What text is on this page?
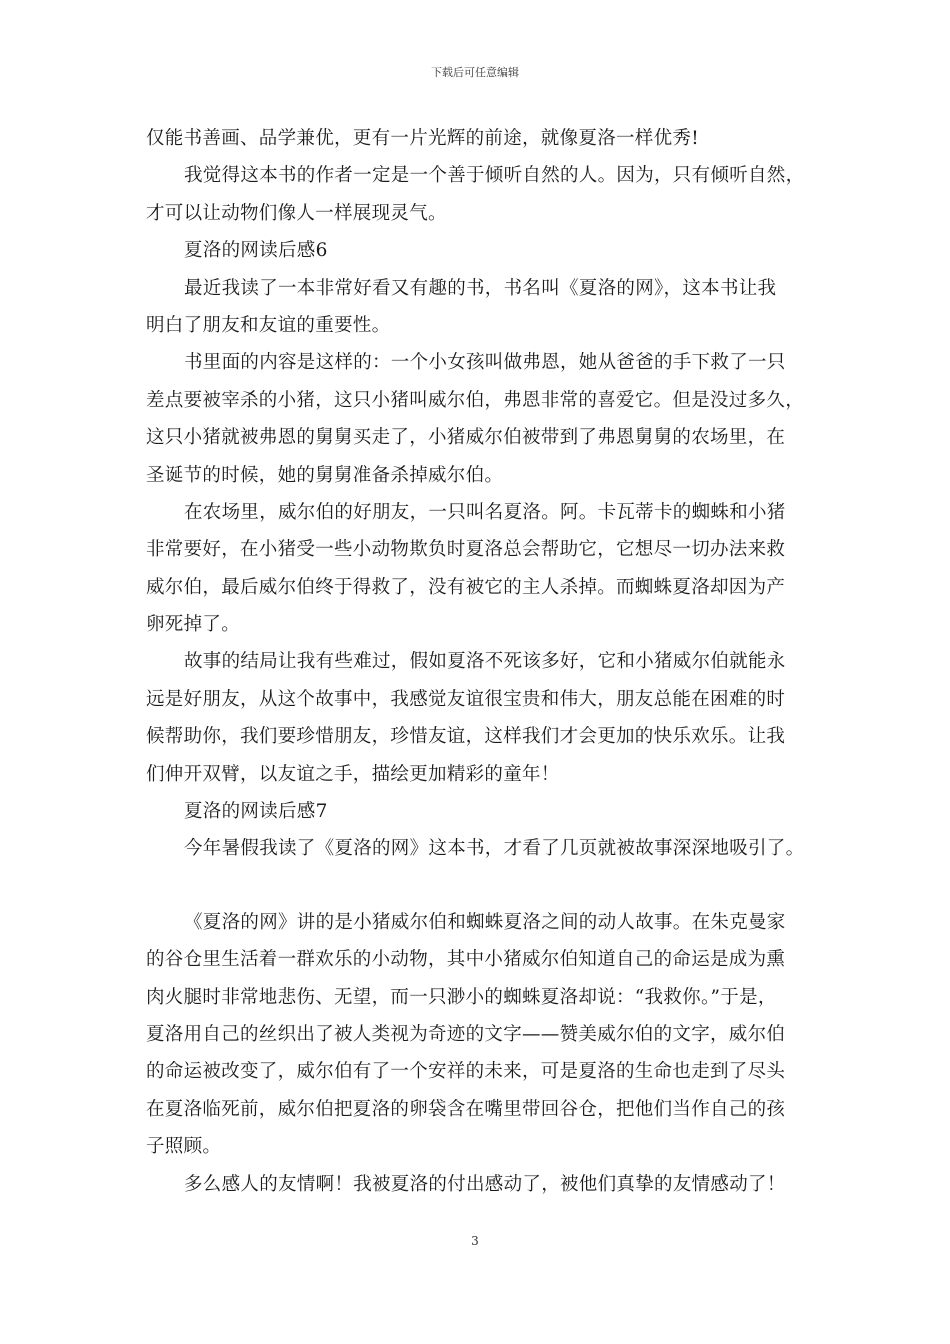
下载后可任意编辑
仅能书善画、品学兼优，更有一片光辉的前途，就像夏洛一样优秀!
我觉得这本书的作者一定是一个善于倾听自然的人。因为，只有倾听自然，
才可以让动物们像人一样展现灵气。
夏洛的网读后感6
最近我读了一本非常好看又有趣的书，书名叫《夏洛的网》，这本书让我
明白了朋友和友谊的重要性。
书里面的内容是这样的：一个小女孩叫做弗恩，她从爸爸的手下救了一只
差点要被宰杀的小猪，这只小猪叫威尔伯，弗恩非常的喜爱它。但是没过多久，
这只小猪就被弗恩的舅舅买走了，小猪威尔伯被带到了弗恩舅舅的农场里，在
圣诞节的时候，她的舅舅准备杀掉威尔伯。
在农场里，威尔伯的好朋友，一只叫名夏洛。阿。卡瓦蒂卡的蜘蛛和小猪
非常要好，在小猪受一些小动物欺负时夏洛总会帮助它，它想尽一切办法来救
威尔伯，最后威尔伯终于得救了，没有被它的主人杀掉。而蜘蛛夏洛却因为产
卵死掉了。
故事的结局让我有些难过，假如夏洛不死该多好，它和小猪威尔伯就能永
远是好朋友，从这个故事中，我感觉友谊很宝贵和伟大，朋友总能在困难的时
候帮助你，我们要珍惜朋友，珍惜友谊，这样我们才会更加的快乐欢乐。让我
们伸开双臂，以友谊之手，描绘更加精彩的童年！
夏洛的网读后感7
今年暑假我读了《夏洛的网》这本书，才看了几页就被故事深深地吸引了。
《夏洛的网》讲的是小猪威尔伯和蜘蛛夏洛之间的动人故事。在朱克曼家
的谷仓里生活着一群欢乐的小动物，其中小猪威尔伯知道自己的命运是成为熏
肉火腿时非常地悲伤、无望，而一只渺小的蜘蛛夏洛却说：“我救你。”于是，
夏洛用自己的丝织出了被人类视为奇迹的文字——赞美威尔伯的文字，威尔伯
的命运被改变了，威尔伯有了一个安祥的未来，可是夏洛的生命也走到了尽头
在夏洛临死前，威尔伯把夏洛的卵袋含在嘴里带回谷仓，把他们当作自己的孩
子照顾。
多么感人的友情啊！我被夏洛的付出感动了，被他们真挚的友情感动了！
3
